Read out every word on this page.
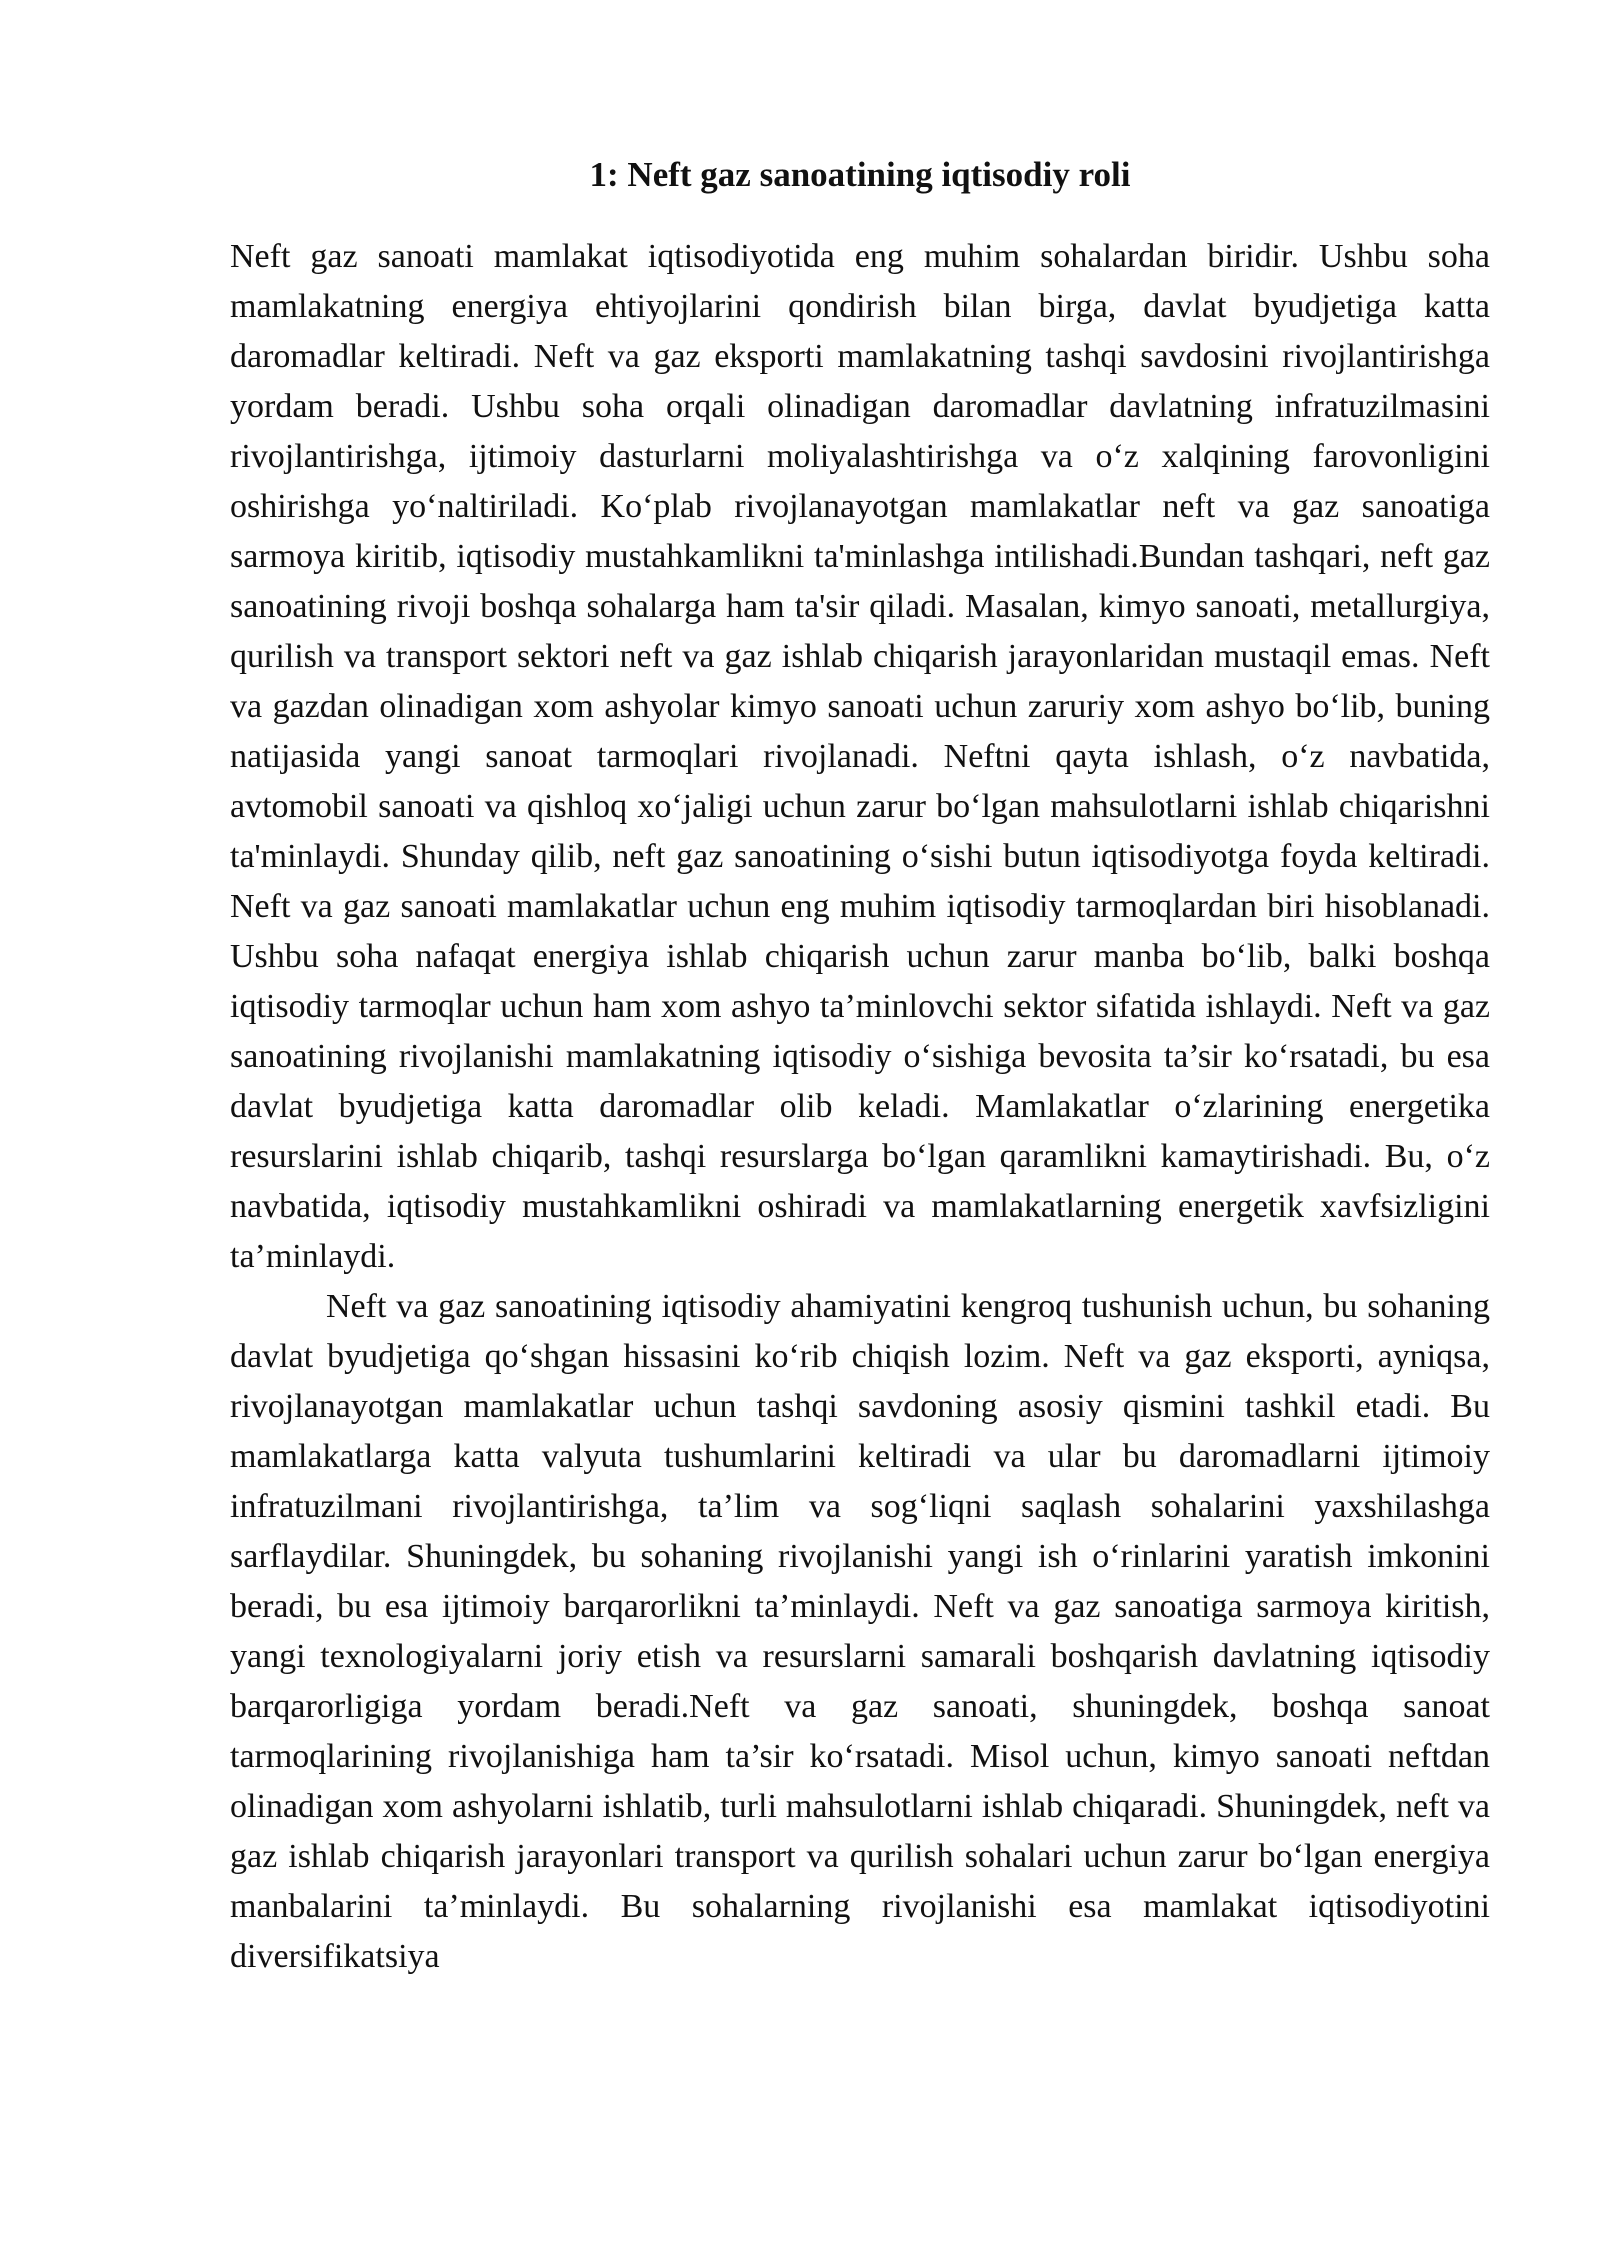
1: Neft gaz sanoatining iqtisodiy roli

Neft gaz sanoati mamlakat iqtisodiyotida eng muhim sohalardan biridir. Ushbu soha mamlakatning energiya ehtiyojlarini qondirish bilan birga, davlat byudjetiga katta daromadlar keltiradi. Neft va gaz eksporti mamlakatning tashqi savdosini rivojlantirishga yordam beradi. Ushbu soha orqali olinadigan daromadlar davlatning infratuzilmasini rivojlantirishga, ijtimoiy dasturlarni moliyalashtirishga va o‘z xalqining farovonligini oshirishga yo‘naltiriladi. Ko‘plab rivojlanayotgan mamlakatlar neft va gaz sanoatiga sarmoya kiritib, iqtisodiy mustahkamlikni ta'minlashga intilishadi.Bundan tashqari, neft gaz sanoatining rivoji boshqa sohalarga ham ta'sir qiladi. Masalan, kimyo sanoati, metallurgiya, qurilish va transport sektori neft va gaz ishlab chiqarish jarayonlaridan mustaqil emas. Neft va gazdan olinadigan xom ashyolar kimyo sanoati uchun zaruriy xom ashyo bo‘lib, buning natijasida yangi sanoat tarmoqlari rivojlanadi. Neftni qayta ishlash, o‘z navbatida, avtomobil sanoati va qishloq xo‘jaligi uchun zarur bo‘lgan mahsulotlarni ishlab chiqarishni ta'minlaydi. Shunday qilib, neft gaz sanoatining o‘sishi butun iqtisodiyotga foyda keltiradi. Neft va gaz sanoati mamlakatlar uchun eng muhim iqtisodiy tarmoqlardan biri hisoblanadi. Ushbu soha nafaqat energiya ishlab chiqarish uchun zarur manba bo‘lib, balki boshqa iqtisodiy tarmoqlar uchun ham xom ashyo ta’minlovchi sektor sifatida ishlaydi. Neft va gaz sanoatining rivojlanishi mamlakatning iqtisodiy o‘sishiga bevosita ta’sir ko‘rsatadi, bu esa davlat byudjetiga katta daromadlar olib keladi. Mamlakatlar o‘zlarining energetika resurslarini ishlab chiqarib, tashqi resurslarga bo‘lgan qaramlikni kamaytirishadi. Bu, o‘z navbatida, iqtisodiy mustahkamlikni oshiradi va mamlakatlarning energetik xavfsizligini ta’minlaydi.

Neft va gaz sanoatining iqtisodiy ahamiyatini kengroq tushunish uchun, bu sohaning davlat byudjetiga qo‘shgan hissasini ko‘rib chiqish lozim. Neft va gaz eksporti, ayniqsa, rivojlanayotgan mamlakatlar uchun tashqi savdoning asosiy qismini tashkil etadi. Bu mamlakatlarga katta valyuta tushumlarini keltiradi va ular bu daromadlarni ijtimoiy infratuzilmani rivojlantirishga, ta’lim va sog‘liqni saqlash sohalarini yaxshilashga sarflaydilar. Shuningdek, bu sohaning rivojlanishi yangi ish o‘rinlarini yaratish imkonini beradi, bu esa ijtimoiy barqarorlikni ta’minlaydi. Neft va gaz sanoatiga sarmoya kiritish, yangi texnologiyalarni joriy etish va resurslarni samarali boshqarish davlatning iqtisodiy barqarorligiga yordam beradi.Neft va gaz sanoati, shuningdek, boshqa sanoat tarmoqlarining rivojlanishiga ham ta’sir ko‘rsatadi. Misol uchun, kimyo sanoati neftdan olinadigan xom ashyolarni ishlatib, turli mahsulotlarni ishlab chiqaradi. Shuningdek, neft va gaz ishlab chiqarish jarayonlari transport va qurilish sohalari uchun zarur bo‘lgan energiya manbalarini ta’minlaydi. Bu sohalarning rivojlanishi esa mamlakat iqtisodiyotini diversifikatsiya
